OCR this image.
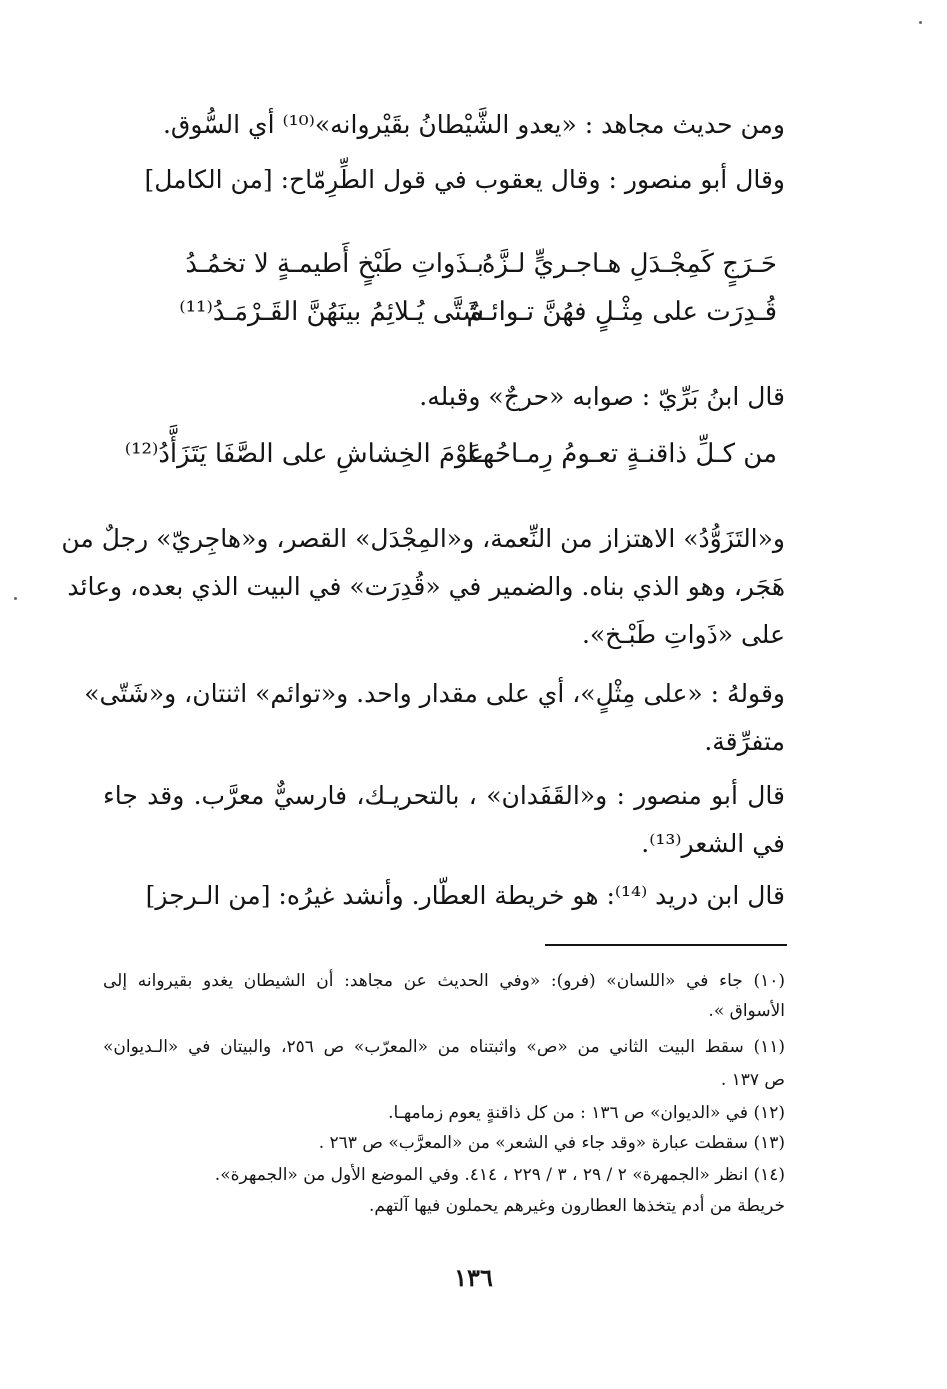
ومن حديث مجاهد : «يعدو الشَّيْطانُ بقَيْروانه»⁽¹⁰⁾ أي السُّوق.
وقال أبو منصور : وقال يعقوب في قول الطِّرِمّاح: [من الكامل]
حَـرَجٍ كَمِجْـدَلِ هـاجـريٍّ لـزَّهُ
بـذَواتِ طَبْخٍ أَطيمـةٍ لا تخمُـدُ
قُـدِرَت على مِثْـلٍ فهُنَّ تـوائـمٌ
شَتَّى يُـلائِمُ بينَهُنَّ القَـرْمَـدُ⁽¹¹⁾
قال ابنُ بَرِّيّ : صوابه «حرجٌ» وقبله.
من كـلِّ ذاقنـةٍ تعـومُ رِمـاحُهـا
عَوْمَ الخِشاشِ على الصَّفَا يَتَزَأَّدُ⁽¹²⁾
و«التَزَوُّدُ» الاهتزاز من النِّعمة، و«المِجْدَل» القصر، و«هاجِريّ» رجلٌ من
هَجَر، وهو الذي بناه. والضمير في «قُدِرَت» في البيت الذي بعده، وعائد
على «ذَواتِ طَبْـخ».
وقولهُ : «على مِثْلٍ»، أي على مقدار واحد. و«توائم» اثنتان، و«شَتّى»
متفرِّقة.
قال أبو منصور : و«القَفَدان» ، بالتحريـك، فارسيٌّ معرَّب. وقد جاء
في الشعر⁽¹³⁾.
قال ابن دريد ⁽¹⁴⁾: هو خريطة العطّار. وأنشد غيرُه: [من الـرجز]
(١٠) جاء في «اللسان» (فرو): «وفي الحديث عن مجاهد: أن الشيطان يغدو بقيروانه إلى
الأسواق ».
(١١) سقط البيت الثاني من «ص» واثبتناه من «المعرّب» ص ٢٥٦، والبيتان في «الـديوان»
ص ١٣٧ .
(١٢) في «الديوان» ص ١٣٦ : من كل ذاقنةٍ يعوم زمامهـا.
(١٣) سقطت عبارة «وقد جاء في الشعر» من «المعرَّب» ص ٢٦٣ .
(١٤) انظر «الجمهرة» ٢ / ٢٩ ، ٣ / ٢٢٩ ، ٤١٤. وفي الموضع الأول من «الجمهرة».
خريطة من أدم يتخذها العطارون وغيرهم يحملون فيها آلتهم.
١٣٦
